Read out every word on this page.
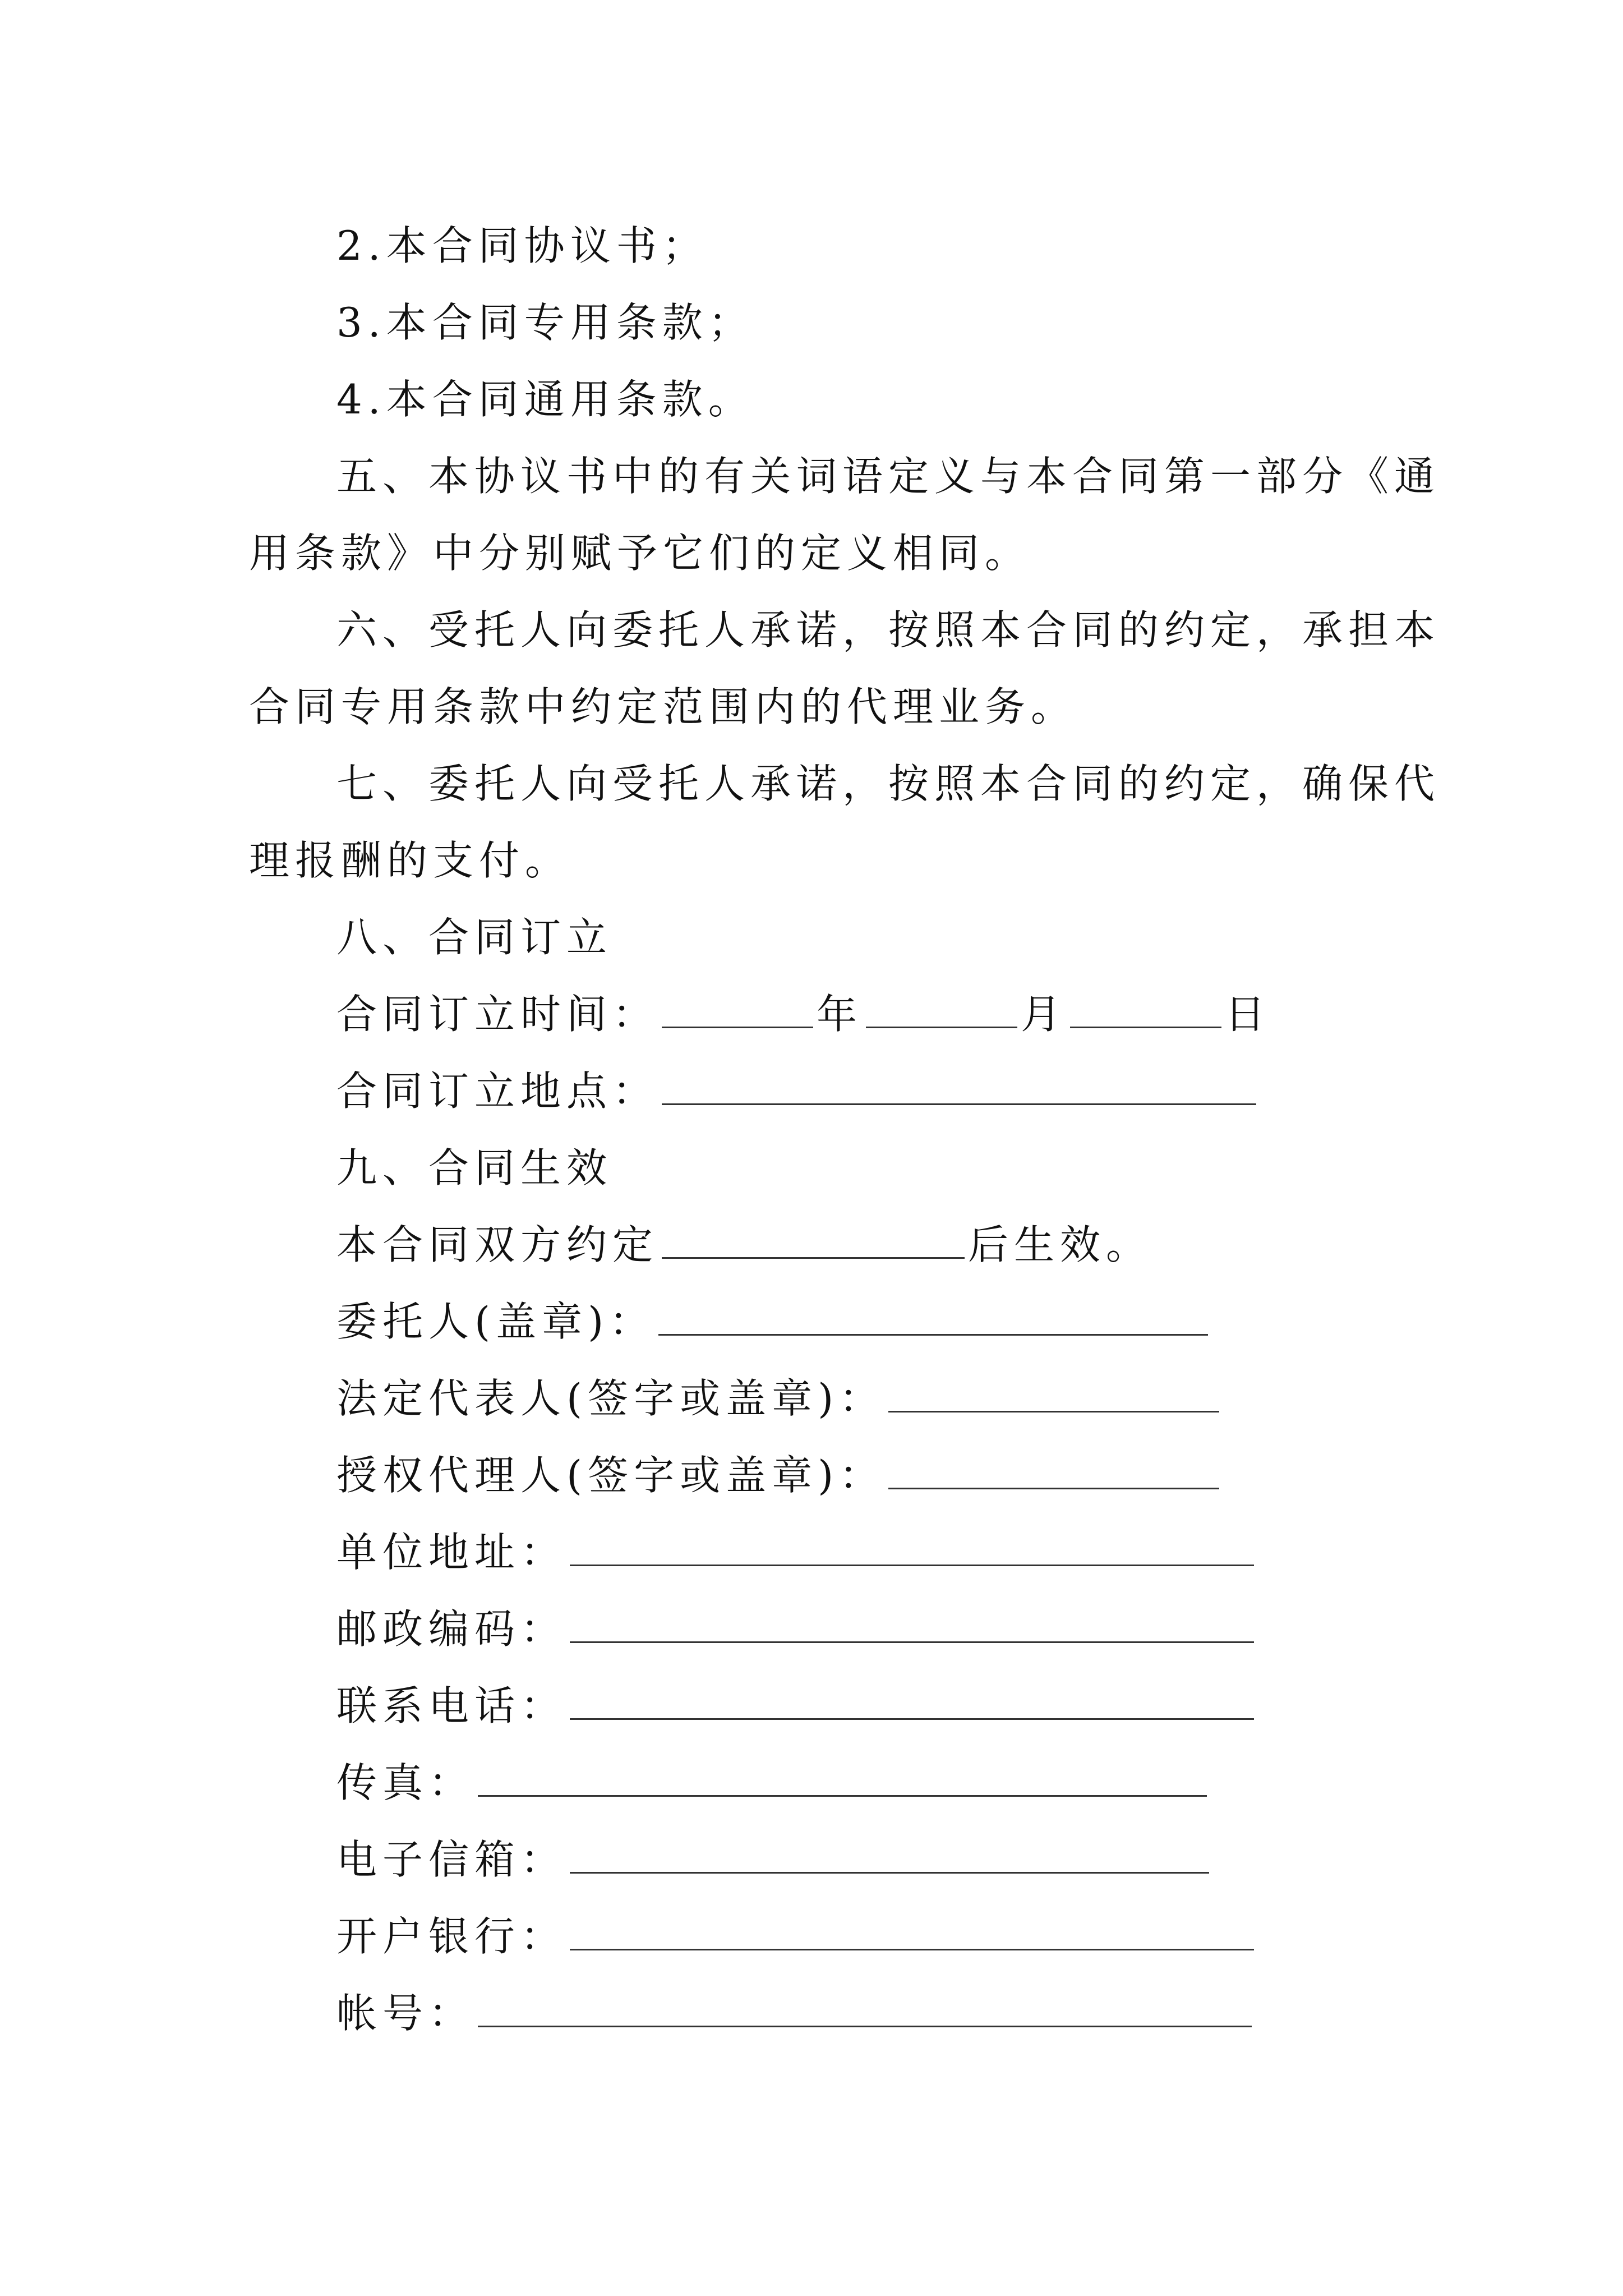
2.本合同协议书；
3.本合同专用条款；
4.本合同通用条款。
五、本协议书中的有关词语定义与本合同第一部分《通
用条款》中分别赋予它们的定义相同。
六、受托人向委托人承诺，按照本合同的约定，承担本
合同专用条款中约定范围内的代理业务。
七、委托人向受托人承诺，按照本合同的约定，确保代
理报酬的支付。
八、合同订立
合同订立时间：	年	月	日
合同订立地点：
九、合同生效
本合同双方约定	后生效。
委托人(盖章)：
法定代表人(签字或盖章)：
授权代理人(签字或盖章)：
单位地址：
邮政编码：
联系电话：
传真：
电子信箱：
开户银行：
帐号：
